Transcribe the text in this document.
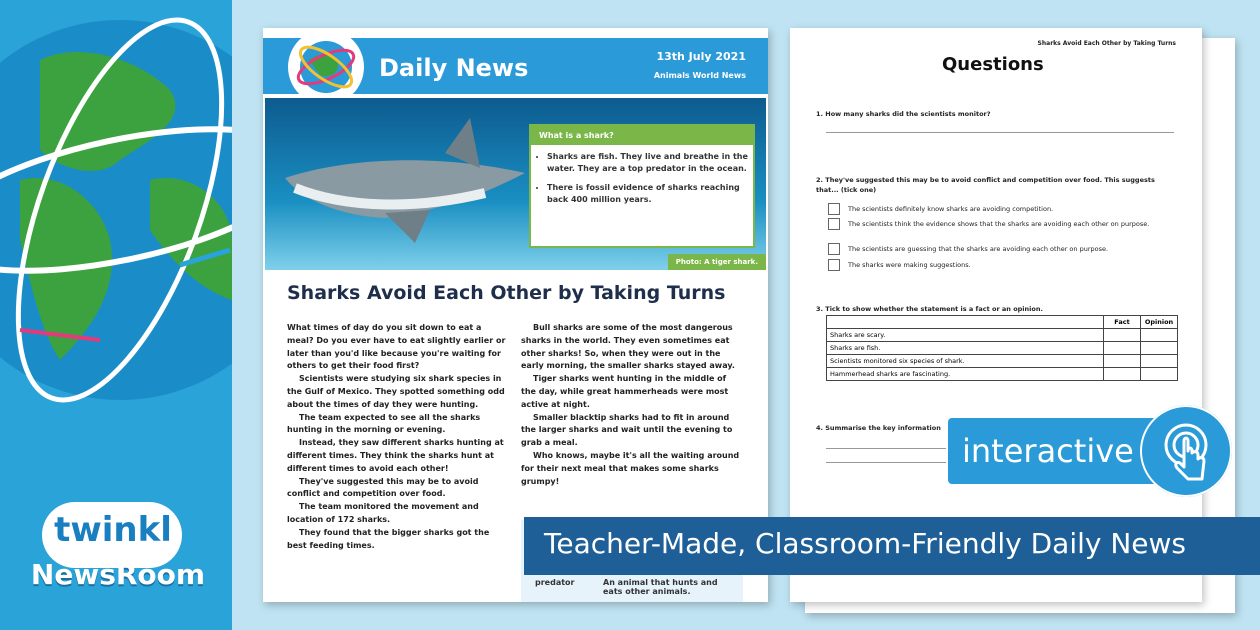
twinkl
NewsRoom
Daily News	13th July 2021
Animals World News
What is a shark?
• Sharks are fish. They live and breathe in the water. They are a top predator in the ocean.
• There is fossil evidence of sharks reaching back 400 million years.
Photo: A tiger shark.
Sharks Avoid Each Other by Taking Turns

What times of day do you sit down to eat a meal? Do you ever have to eat slightly earlier or later than you'd like because you're waiting for others to get their food first?

Scientists were studying six shark species in the Gulf of Mexico. They spotted something odd about the times of day they were hunting.

The team expected to see all the sharks hunting in the morning or evening.

Instead, they saw different sharks hunting at different times. They think the sharks hunt at different times to avoid each other!

They've suggested this may be to avoid conflict and competition over food.

The team monitored the movement and location of 172 sharks.

They found that the bigger sharks got the best feeding times.

Bull sharks are some of the most dangerous sharks in the world. They even sometimes eat other sharks! So, when they were out in the early morning, the smaller sharks stayed away.

Tiger sharks went hunting in the middle of the day, while great hammerheads were most active at night.

Smaller blacktip sharks had to fit in around the larger sharks and wait until the evening to grab a meal.

Who knows, maybe it's all the waiting around for their next meal that makes some sharks grumpy!

predator	An animal that hunts and eats other animals.
Sharks Avoid Each Other by Taking Turns
Questions
1. How many sharks did the scientists monitor?
2. They've suggested this may be to avoid conflict and competition over food. This suggests that... (tick one)
The scientists definitely know sharks are avoiding competition.
The scientists think the evidence shows that the sharks are avoiding each other on purpose.
The scientists are guessing that the sharks are avoiding each other on purpose.
The sharks were making suggestions.
3. Tick to show whether the statement is a fact or an opinion.
	Fact	Opinion
Sharks are scary.		
Sharks are fish.		
Scientists monitored six species of shark.		
Hammerhead sharks are fascinating.		
4. Summarise the key information
interactive
Teacher-Made, Classroom-Friendly Daily News
